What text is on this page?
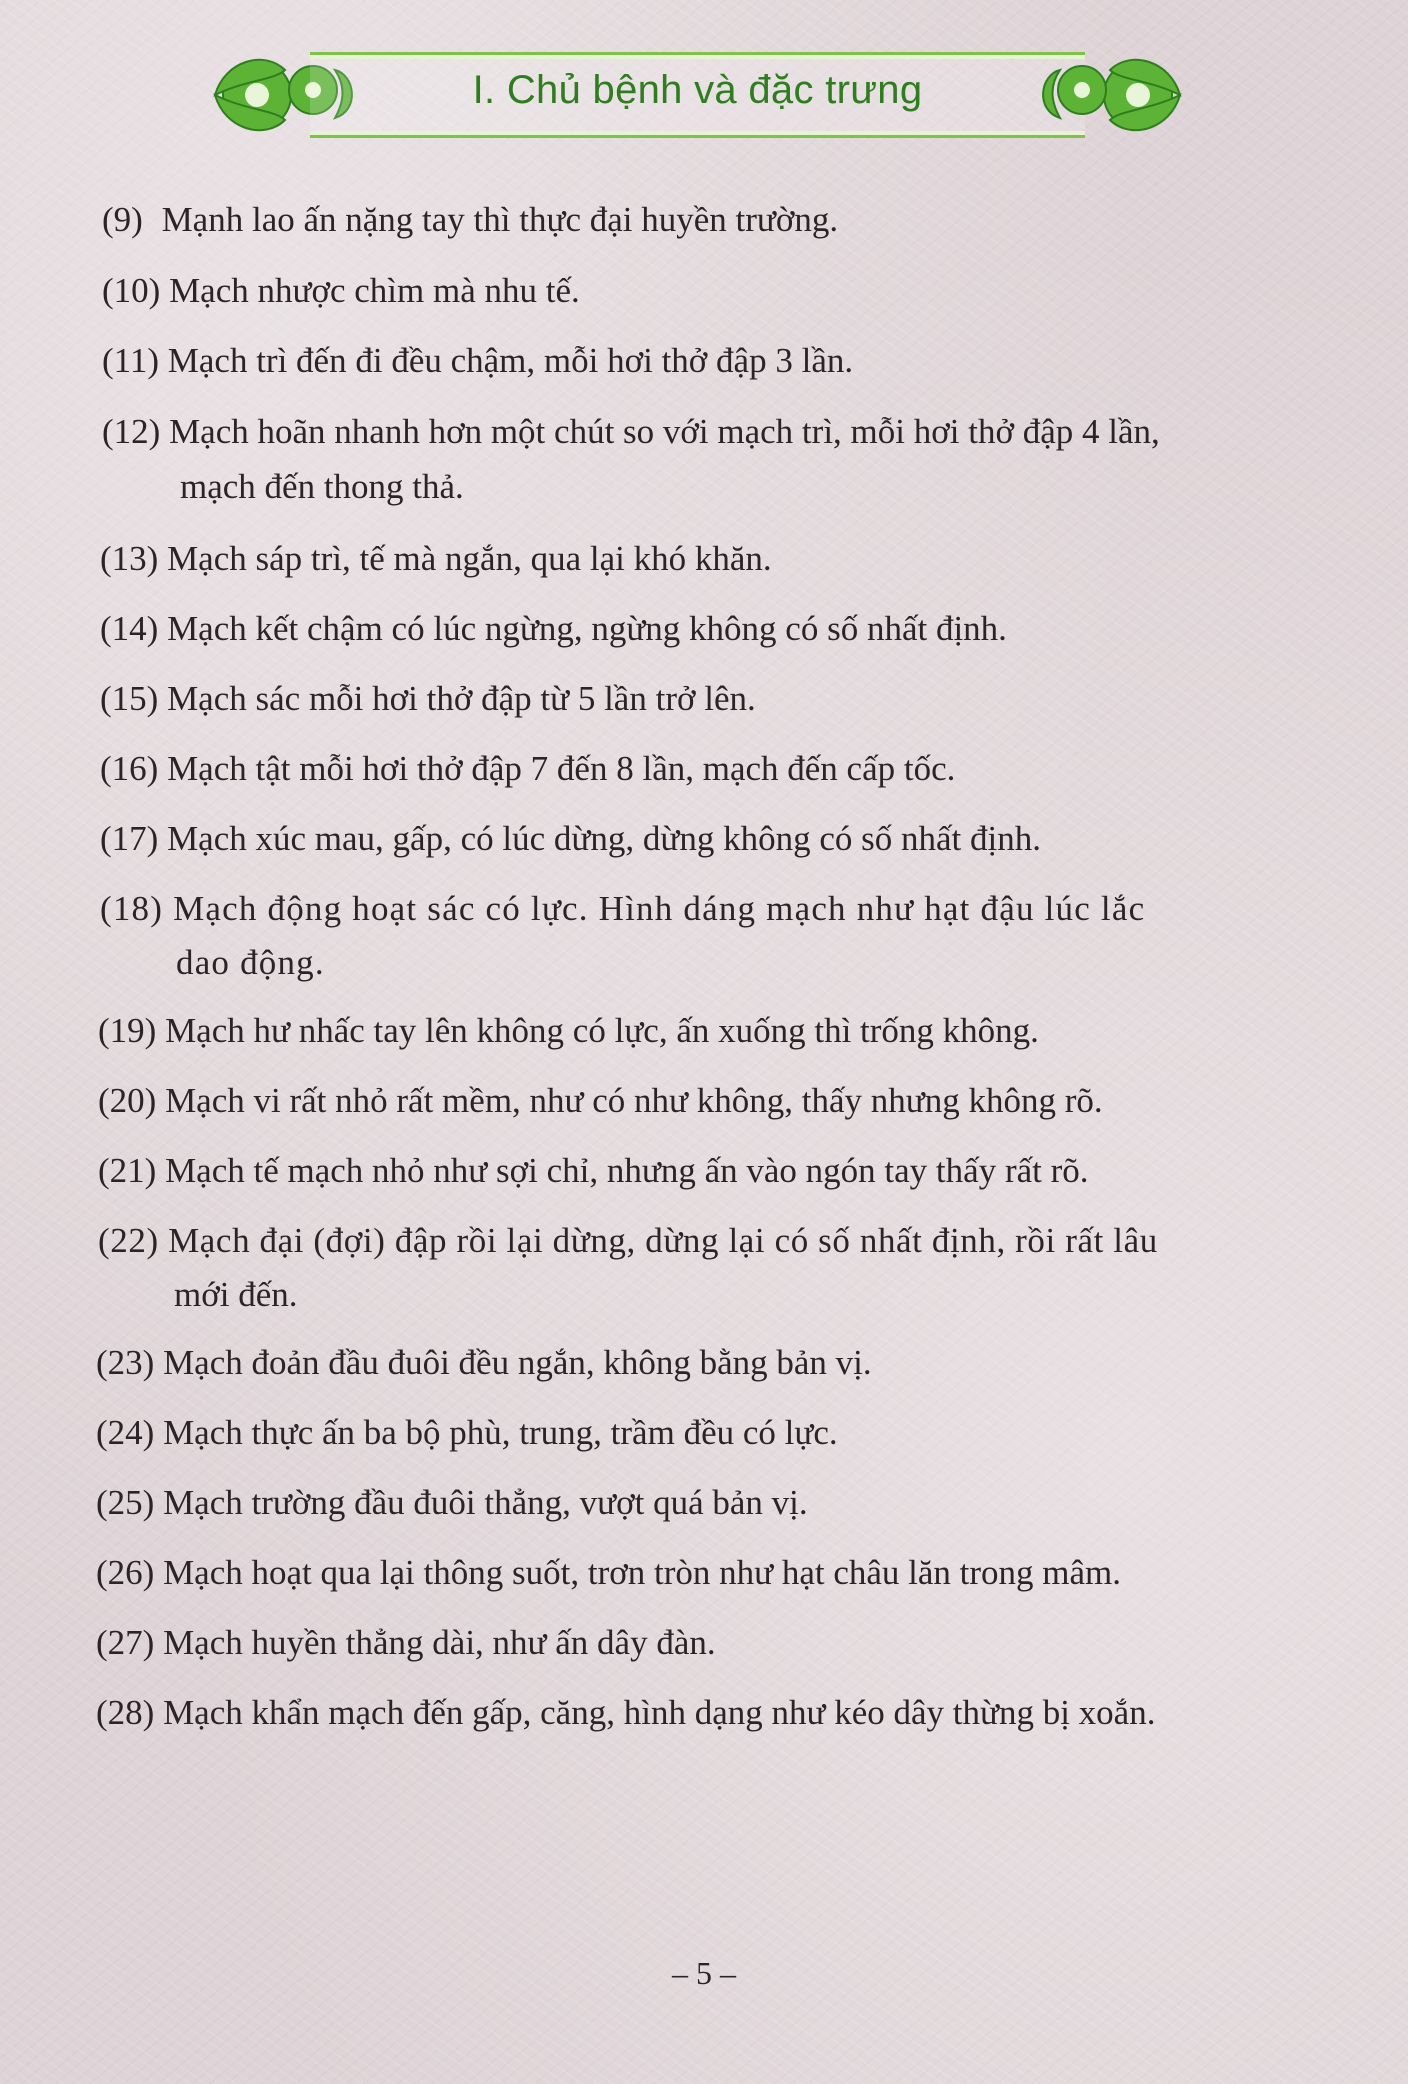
I. Chủ bệnh và đặc trưng
(9) Mạnh lao ấn nặng tay thì thực đại huyền trường.
(10) Mạch nhược chìm mà nhu tế.
(11) Mạch trì đến đi đều chậm, mỗi hơi thở đập 3 lần.
(12) Mạch hoãn nhanh hơn một chút so với mạch trì, mỗi hơi thở đập 4 lần,
mạch đến thong thả.
(13) Mạch sáp trì, tế mà ngắn, qua lại khó khăn.
(14) Mạch kết chậm có lúc ngừng, ngừng không có số nhất định.
(15) Mạch sác mỗi hơi thở đập từ 5 lần trở lên.
(16) Mạch tật mỗi hơi thở đập 7 đến 8 lần, mạch đến cấp tốc.
(17) Mạch xúc mau, gấp, có lúc dừng, dừng không có số nhất định.
(18) Mạch động hoạt sác có lực. Hình dáng mạch như hạt đậu lúc lắc
dao động.
(19) Mạch hư nhấc tay lên không có lực, ấn xuống thì trống không.
(20) Mạch vi rất nhỏ rất mềm, như có như không, thấy nhưng không rõ.
(21) Mạch tế mạch nhỏ như sợi chỉ, nhưng ấn vào ngón tay thấy rất rõ.
(22) Mạch đại (đợi) đập rồi lại dừng, dừng lại có số nhất định, rồi rất lâu
mới đến.
(23) Mạch đoản đầu đuôi đều ngắn, không bằng bản vị.
(24) Mạch thực ấn ba bộ phù, trung, trầm đều có lực.
(25) Mạch trường đầu đuôi thẳng, vượt quá bản vị.
(26) Mạch hoạt qua lại thông suốt, trơn tròn như hạt châu lăn trong mâm.
(27) Mạch huyền thẳng dài, như ấn dây đàn.
(28) Mạch khẩn mạch đến gấp, căng, hình dạng như kéo dây thừng bị xoắn.
– 5 –
